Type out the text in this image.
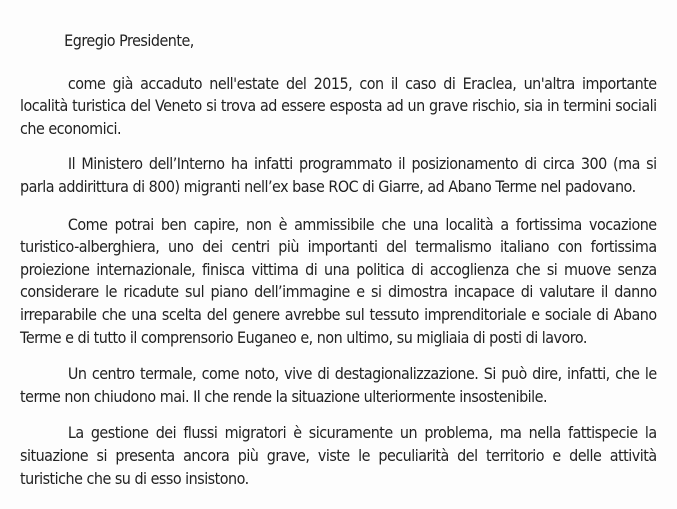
Egregio Presidente,

come già accaduto nell'estate del 2015, con il caso di Eraclea, un'altra importante località turistica del Veneto si trova ad essere esposta ad un grave rischio, sia in termini sociali che economici.

Il Ministero dell’Interno ha infatti programmato il posizionamento di circa 300 (ma si parla addirittura di 800) migranti nell’ex base ROC di Giarre, ad Abano Terme nel padovano.

Come potrai ben capire, non è ammissibile che una località a fortissima vocazione turistico-alberghiera, uno dei centri più importanti del termalismo italiano con fortissima proiezione internazionale, finisca vittima di una politica di accoglienza che si muove senza considerare le ricadute sul piano dell’immagine e si dimostra incapace di valutare il danno irreparabile che una scelta del genere avrebbe sul tessuto imprenditoriale e sociale di Abano Terme e di tutto il comprensorio Euganeo e, non ultimo, su migliaia di posti di lavoro.

Un centro termale, come noto, vive di destagionalizzazione. Si può dire, infatti, che le terme non chiudono mai. Il che rende la situazione ulteriormente insostenibile.

La gestione dei flussi migratori è sicuramente un problema, ma nella fattispecie la situazione si presenta ancora più grave, viste le peculiarità del territorio e delle attività turistiche che su di esso insistono.
